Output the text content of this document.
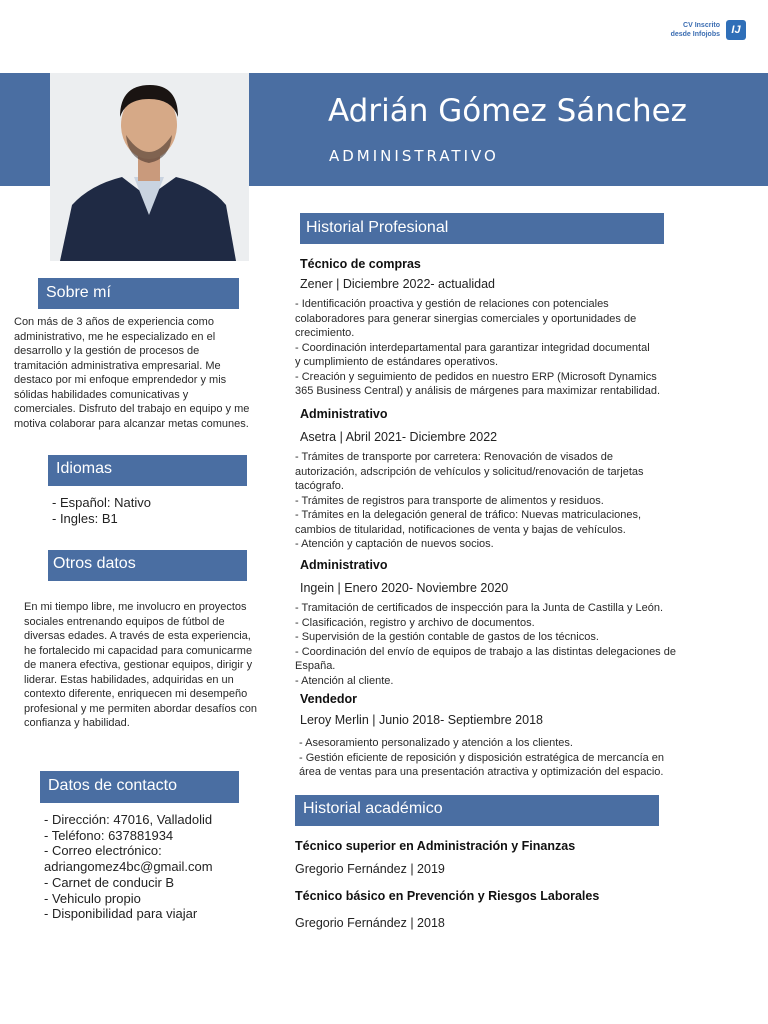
CV Inscrito
desde Infojobs	IJ
Adrián Gómez Sánchez
ADMINISTRATIVO
Sobre mí
Con más de 3 años de experiencia como
administrativo, me he especializado en el
desarrollo y la gestión de procesos de
tramitación administrativa empresarial. Me
destaco por mi enfoque emprendedor y mis
sólidas habilidades comunicativas y
comerciales. Disfruto del trabajo en equipo y me
motiva colaborar para alcanzar metas comunes.
Idiomas
- Español: Nativo
- Ingles: B1
Otros datos
En mi tiempo libre, me involucro en proyectos
sociales entrenando equipos de fútbol de
diversas edades. A través de esta experiencia,
he fortalecido mi capacidad para comunicarme
de manera efectiva, gestionar equipos, dirigir y
liderar. Estas habilidades, adquiridas en un
contexto diferente, enriquecen mi desempeño
profesional y me permiten abordar desafíos con
confianza y habilidad.
Datos de contacto
- Dirección: 47016, Valladolid
- Teléfono: 637881934
- Correo electrónico:
adriangomez4bc@gmail.com
- Carnet de conducir B
- Vehiculo propio
- Disponibilidad para viajar
Historial Profesional
Técnico de compras
Zener | Diciembre 2022- actualidad
- Identificación proactiva y gestión de relaciones con potenciales
colaboradores para generar sinergias comerciales y oportunidades de
crecimiento.
- Coordinación interdepartamental para garantizar integridad documental
y cumplimiento de estándares operativos.
- Creación y seguimiento de pedidos en nuestro ERP (Microsoft Dynamics
365 Business Central) y análisis de márgenes para maximizar rentabilidad.
Administrativo
Asetra | Abril 2021- Diciembre 2022
- Trámites de transporte por carretera: Renovación de visados de
autorización, adscripción de vehículos y solicitud/renovación de tarjetas
tacógrafo.
- Trámites de registros para transporte de alimentos y residuos.
- Trámites en la delegación general de tráfico: Nuevas matriculaciones,
cambios de titularidad, notificaciones de venta y bajas de vehículos.
- Atención y captación de nuevos socios.
Administrativo
Ingein | Enero 2020- Noviembre 2020
- Tramitación de certificados de inspección para la Junta de Castilla y León.
- Clasificación, registro y archivo de documentos.
- Supervisión de la gestión contable de gastos de los técnicos.
- Coordinación del envío de equipos de trabajo a las distintas delegaciones de
España.
- Atención al cliente.
Vendedor
Leroy Merlin | Junio 2018- Septiembre 2018
- Asesoramiento personalizado y atención a los clientes.
- Gestión eficiente de reposición y disposición estratégica de mercancía en
área de ventas para una presentación atractiva y optimización del espacio.
Historial académico
Técnico superior en Administración y Finanzas
Gregorio Fernández | 2019
Técnico básico en Prevención y Riesgos Laborales
Gregorio Fernández | 2018
